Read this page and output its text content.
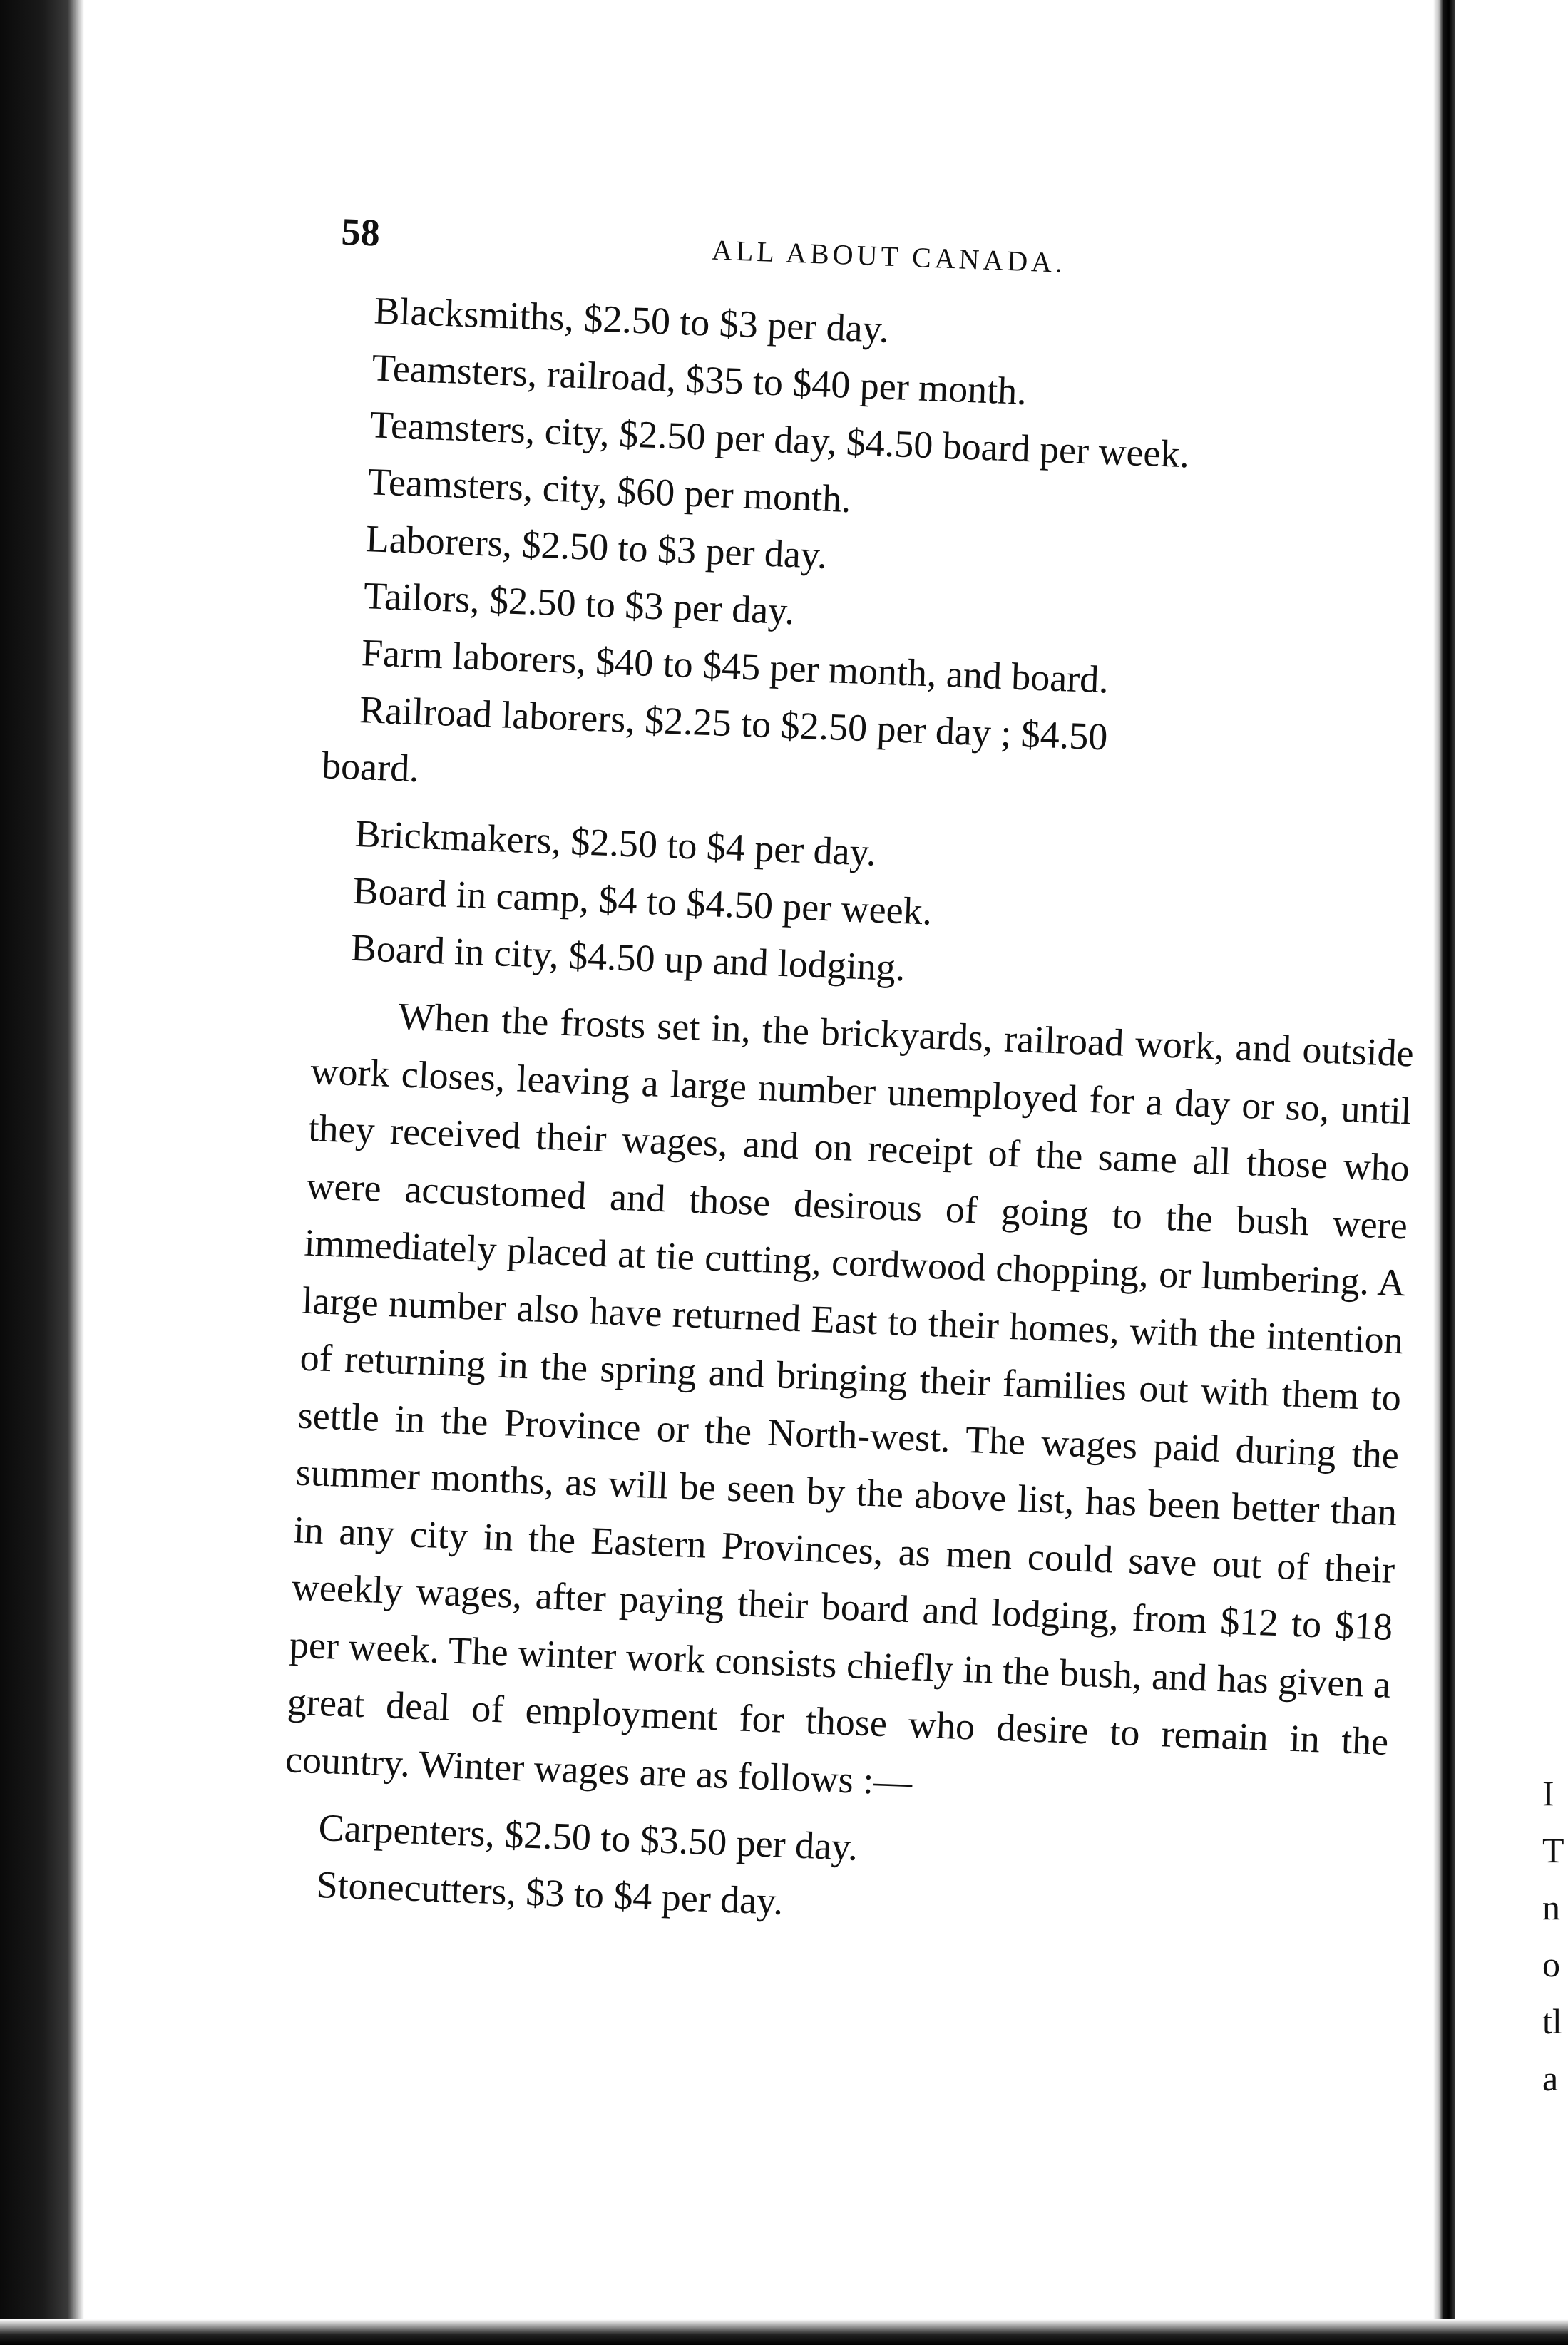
I
T
n
o
tl
a
58
ALL ABOUT CANADA.
Blacksmiths, $2.50 to $3 per day.
Teamsters, railroad, $35 to $40 per month.
Teamsters, city, $2.50 per day, $4.50 board per week.
Teamsters, city, $60 per month.
Laborers, $2.50 to $3 per day.
Tailors, $2.50 to $3 per day.
Farm laborers, $40 to $45 per month, and board.
Railroad laborers, $2.25 to $2.50 per day ; $4.50
board.
Brickmakers, $2.50 to $4 per day.
Board in camp, $4 to $4.50 per week.
Board in city, $4.50 up and lodging.

When the frosts set in, the brickyards, railroad work, and outside work closes, leaving a large number unemployed for a day or so, until they received their wages, and on receipt of the same all those who were accustomed and those desirous of going to the bush were immediately placed at tie cutting, cordwood chopping, or lumbering. A large number also have returned East to their homes, with the intention of returning in the spring and bringing their families out with them to settle in the Province or the North-west. The wages paid during the summer months, as will be seen by the above list, has been better than in any city in the Eastern Provinces, as men could save out of their weekly wages, after paying their board and lodging, from $12 to $18 per week. The winter work consists chiefly in the bush, and has given a great deal of employment for those who desire to remain in the country. Winter wages are as follows :—

Carpenters, $2.50 to $3.50 per day.
Stonecutters, $3 to $4 per day.
